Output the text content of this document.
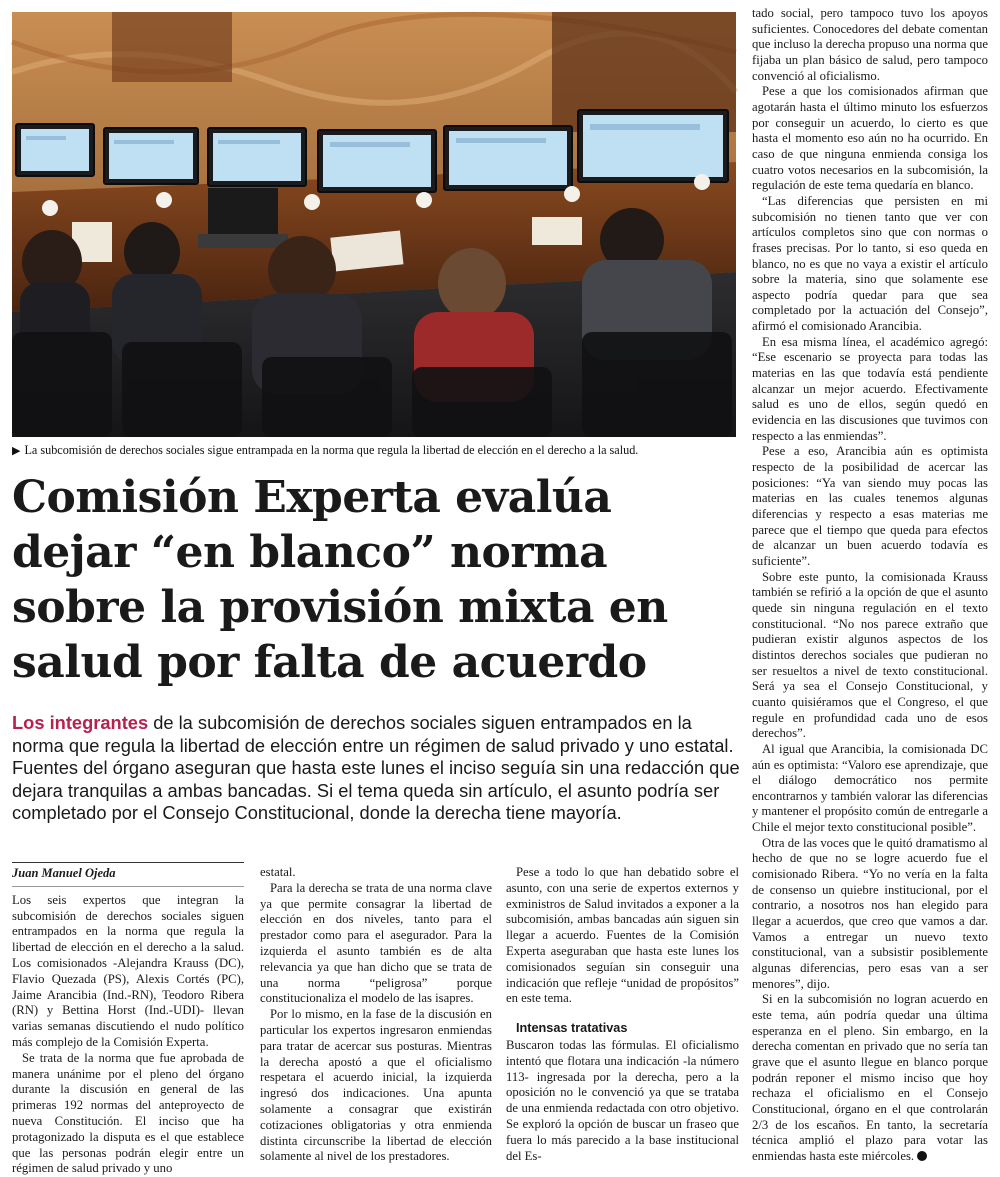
▶ La subcomisión de derechos sociales sigue entrampada en la norma que regula la libertad de elección en el derecho a la salud.
Comisión Experta evalúa
dejar “en blanco” norma
sobre la provisión mixta en
salud por falta de acuerdo

Los integrantes de la subcomisión de derechos sociales siguen entrampados en la norma que regula la libertad de elección entre un régimen de salud privado y uno estatal. Fuentes del órgano aseguran que hasta este lunes el inciso seguía sin una redacción que dejara tranquilas a ambas bancadas. Si el tema queda sin artículo, el asunto podría ser completado por el Consejo Constitucional, donde la derecha tiene mayoría.

Juan Manuel Ojeda

Los seis expertos que integran la subcomisión de derechos sociales siguen entrampados en la norma que regula la libertad de elección en el derecho a la salud. Los comisionados -Alejandra Krauss (DC), Flavio Quezada (PS), Alexis Cortés (PC), Jaime Arancibia (Ind.-RN), Teodoro Ribera (RN) y Bettina Horst (Ind.-UDI)- llevan varias semanas discutiendo el nudo político más complejo de la Comisión Experta.

Se trata de la norma que fue aprobada de manera unánime por el pleno del órgano durante la discusión en general de las primeras 192 normas del anteproyecto de nueva Constitución. El inciso que ha protagonizado la disputa es el que establece que las personas podrán elegir entre un régimen de salud privado y uno

estatal.

Para la derecha se trata de una norma clave ya que permite consagrar la libertad de elección en dos niveles, tanto para el prestador como para el asegurador. Para la izquierda el asunto también es de alta relevancia ya que han dicho que se trata de una norma “peligrosa” porque constitucionaliza el modelo de las isapres.

Por lo mismo, en la fase de la discusión en particular los expertos ingresaron enmiendas para tratar de acercar sus posturas. Mientras la derecha apostó a que el oficialismo respetara el acuerdo inicial, la izquierda ingresó dos indicaciones. Una apunta solamente a consagrar que existirán cotizaciones obligatorias y otra enmienda distinta circunscribe la libertad de elección solamente al nivel de los prestadores.

Pese a todo lo que han debatido sobre el asunto, con una serie de expertos externos y exministros de Salud invitados a exponer a la subcomisión, ambas bancadas aún siguen sin llegar a acuerdo. Fuentes de la Comisión Experta aseguraban que hasta este lunes los comisionados seguían sin conseguir una indicación que refleje “unidad de propósitos” en este tema.

Intensas tratativas

Buscaron todas las fórmulas. El oficialismo intentó que flotara una indicación -la número 113- ingresada por la derecha, pero a la oposición no le convenció ya que se trataba de una enmienda redactada con otro objetivo. Se exploró la opción de buscar un fraseo que fuera lo más parecido a la base institucional del Es-

tado social, pero tampoco tuvo los apoyos suficientes. Conocedores del debate comentan que incluso la derecha propuso una norma que fijaba un plan básico de salud, pero tampoco convenció al oficialismo.

Pese a que los comisionados afirman que agotarán hasta el último minuto los esfuerzos por conseguir un acuerdo, lo cierto es que hasta el momento eso aún no ha ocurrido. En caso de que ninguna enmienda consiga los cuatro votos necesarios en la subcomisión, la regulación de este tema quedaría en blanco.

“Las diferencias que persisten en mi subcomisión no tienen tanto que ver con artículos completos sino que con normas o frases precisas. Por lo tanto, si eso queda en blanco, no es que no vaya a existir el artículo sobre la materia, sino que solamente ese aspecto podría quedar para que sea completado por la actuación del Consejo”, afirmó el comisionado Arancibia.

En esa misma línea, el académico agregó: “Ese escenario se proyecta para todas las materias en las que todavía está pendiente alcanzar un mejor acuerdo. Efectivamente salud es uno de ellos, según quedó en evidencia en las discusiones que tuvimos con respecto a las enmiendas”.

Pese a eso, Arancibia aún es optimista respecto de la posibilidad de acercar las posiciones: “Ya van siendo muy pocas las materias en las cuales tenemos algunas diferencias y respecto a esas materias me parece que el tiempo que queda para efectos de alcanzar un buen acuerdo todavía es suficiente”.

Sobre este punto, la comisionada Krauss también se refirió a la opción de que el asunto quede sin ninguna regulación en el texto constitucional. “No nos parece extraño que pudieran existir algunos aspectos de los distintos derechos sociales que pudieran no ser resueltos a nivel de texto constitucional. Será ya sea el Consejo Constitucional, y cuanto quisiéramos que el Congreso, el que regule en profundidad cada uno de esos derechos”.

Al igual que Arancibia, la comisionada DC aún es optimista: “Valoro ese aprendizaje, que el diálogo democrático nos permite encontrarnos y también valorar las diferencias y mantener el propósito común de entregarle a Chile el mejor texto constitucional posible”.

Otra de las voces que le quitó dramatismo al hecho de que no se logre acuerdo fue el comisionado Ribera. “Yo no vería en la falta de consenso un quiebre institucional, por el contrario, a nosotros nos han elegido para llegar a acuerdos, que creo que vamos a dar. Vamos a entregar un nuevo texto constitucional, van a subsistir posiblemente algunas diferencias, pero esas van a ser menores”, dijo.

Si en la subcomisión no logran acuerdo en este tema, aún podría quedar una última esperanza en el pleno. Sin embargo, en la derecha comentan en privado que no sería tan grave que el asunto llegue en blanco porque podrán reponer el mismo inciso que hoy rechaza el oficialismo en el Consejo Constitucional, órgano en el que controlarán 2/3 de los escaños. En tanto, la secretaría técnica amplió el plazo para votar las enmiendas hasta este miércoles.
